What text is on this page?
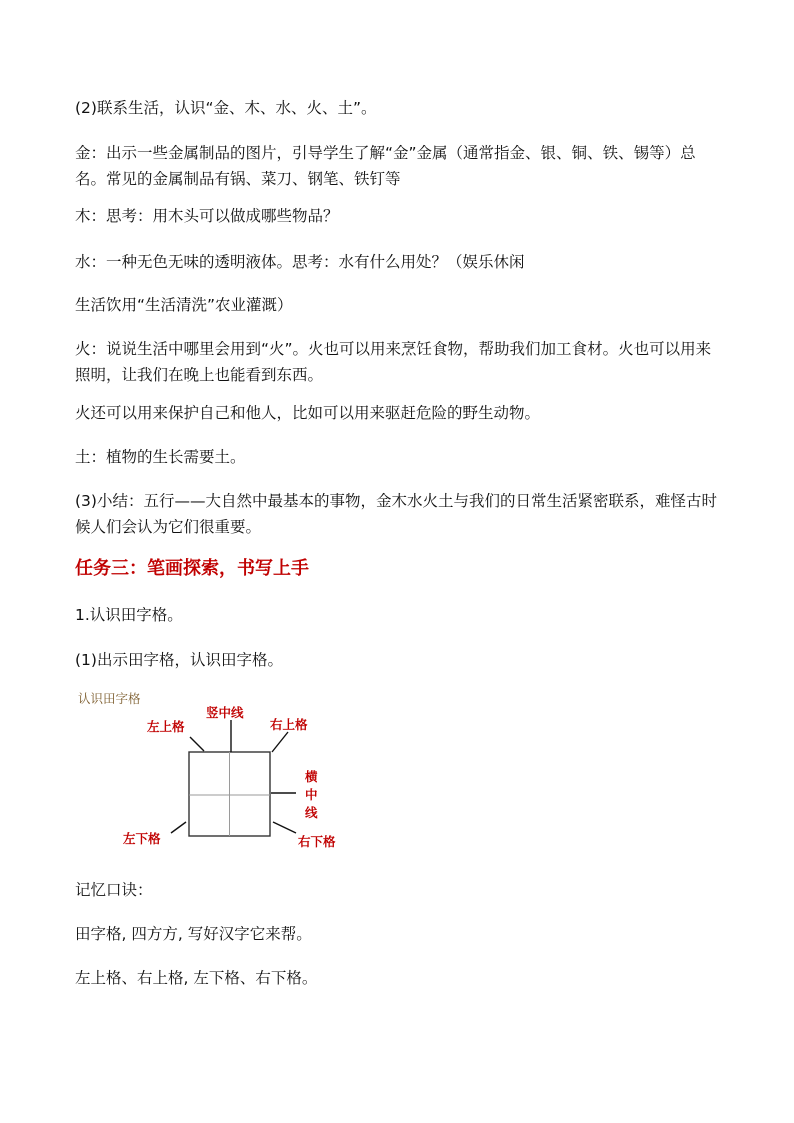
(2)联系生活，认识“金、木、水、火、土”。

金：出示一些金属制品的图片，引导学生了解“金”金属（通常指金、银、铜、铁、锡等）总名。常见的金属制品有锅、菜刀、钢笔、铁钉等

木：思考：用木头可以做成哪些物品？

水：一种无色无味的透明液体。思考：水有什么用处？（娱乐休闲

生活饮用“生活清洗”农业灌溉）

火：说说生活中哪里会用到“火”。火也可以用来烹饪食物，帮助我们加工食材。火也可以用来照明，让我们在晚上也能看到东西。

火还可以用来保护自己和他人，比如可以用来驱赶危险的野生动物。

土：植物的生长需要土。

(3)小结：五行——大自然中最基本的事物，金木水火土与我们的日常生活紧密联系，难怪古时候人们会认为它们很重要。

任务三：笔画探索，书写上手

1.认识田字格。

(1)出示田字格，认识田字格。

认识田字格
左上格
竖中线
右上格
横
中
线
左下格	右下格

记忆口诀：

田字格, 四方方, 写好汉字它来帮。

左上格、右上格, 左下格、右下格。
